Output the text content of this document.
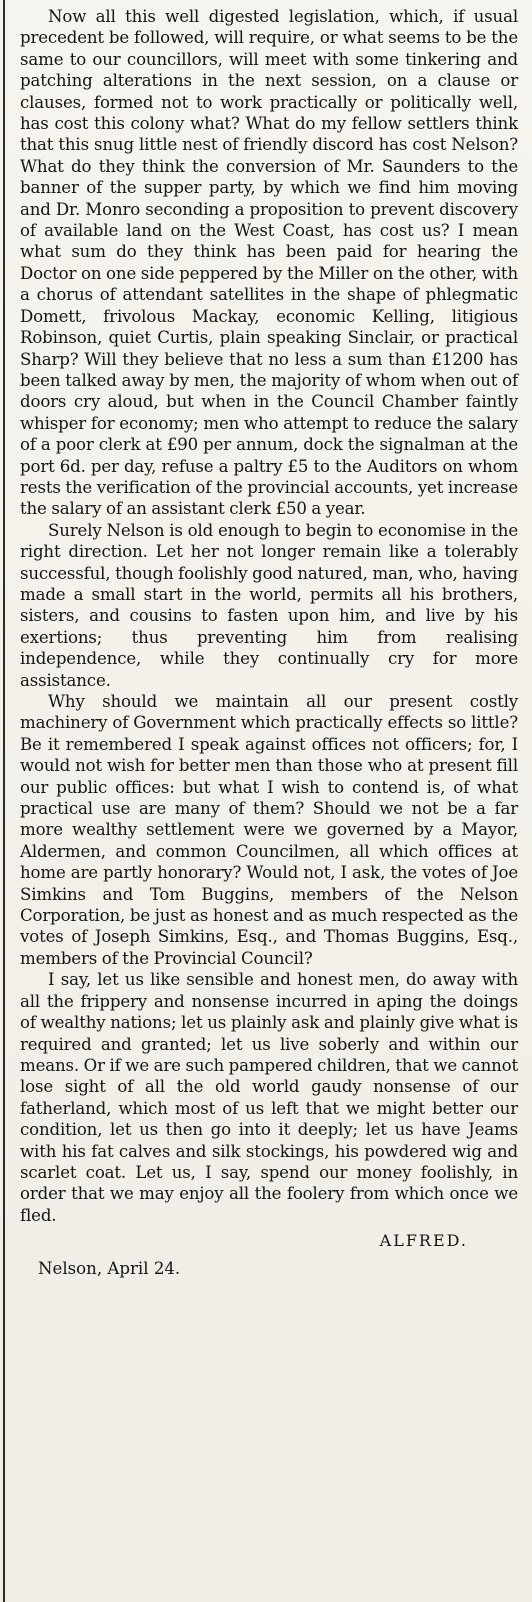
Now all this well digested legislation, which, if usual precedent be followed, will require, or what seems to be the same to our councillors, will meet with some tinkering and patching alterations in the next session, on a clause or clauses, formed not to work practically or politically well, has cost this colony what? What do my fellow settlers think that this snug little nest of friendly discord has cost Nelson? What do they think the conversion of Mr. Saunders to the banner of the supper party, by which we find him moving and Dr. Monro seconding a proposition to prevent discovery of available land on the West Coast, has cost us? I mean what sum do they think has been paid for hearing the Doctor on one side peppered by the Miller on the other, with a chorus of attendant satellites in the shape of phlegmatic Domett, frivolous Mackay, economic Kelling, litigious Robinson, quiet Curtis, plain speaking Sinclair, or practical Sharp? Will they believe that no less a sum than £1200 has been talked away by men, the majority of whom when out of doors cry aloud, but when in the Council Chamber faintly whisper for economy; men who attempt to reduce the salary of a poor clerk at £90 per annum, dock the signalman at the port 6d. per day, refuse a paltry £5 to the Auditors on whom rests the verification of the provincial accounts, yet increase the salary of an assistant clerk £50 a year.

Surely Nelson is old enough to begin to economise in the right direction. Let her not longer remain like a tolerably successful, though foolishly good natured, man, who, having made a small start in the world, permits all his brothers, sisters, and cousins to fasten upon him, and live by his exertions; thus preventing him from realising independence, while they continually cry for more assistance.

Why should we maintain all our present costly machinery of Government which practically effects so little? Be it remembered I speak against offices not officers; for, I would not wish for better men than those who at present fill our public offices: but what I wish to contend is, of what practical use are many of them? Should we not be a far more wealthy settlement were we governed by a Mayor, Aldermen, and common Councilmen, all which offices at home are partly honorary? Would not, I ask, the votes of Joe Simkins and Tom Buggins, members of the Nelson Corporation, be just as honest and as much respected as the votes of Joseph Simkins, Esq., and Thomas Buggins, Esq., members of the Provincial Council?

I say, let us like sensible and honest men, do away with all the frippery and nonsense incurred in aping the doings of wealthy nations; let us plainly ask and plainly give what is required and granted; let us live soberly and within our means. Or if we are such pampered children, that we cannot lose sight of all the old world gaudy nonsense of our fatherland, which most of us left that we might better our condition, let us then go into it deeply; let us have Jeams with his fat calves and silk stockings, his powdered wig and scarlet coat. Let us, I say, spend our money foolishly, in order that we may enjoy all the foolery from which once we fled.

ALFRED.

Nelson, April 24.
